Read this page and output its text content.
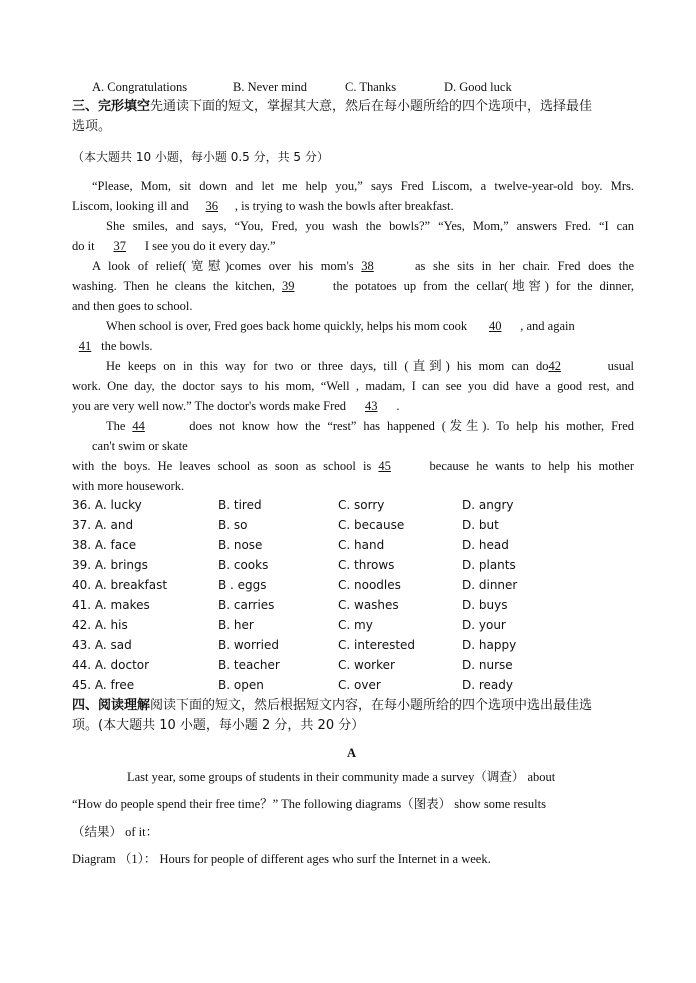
A. Congratulations	B. Never mind	C. Thanks	D. Good luck
三、完形填空先通读下面的短文，掌握其大意，然后在每小题所给的四个选项中，选择最佳
选项。
（本大题共 10 小题，每小题 0.5 分，共 5 分）
“Please, Mom, sit down and let me help you,” says Fred Liscom, a twelve-year-old boy. Mrs.
Liscom, looking ill and 36 , is trying to wash the bowls after breakfast.
She smiles, and says, “You, Fred, you wash the bowls?” “Yes, Mom,” answers Fred. “I can
do it 37 I see you do it every day.”
A look of relief(宽慰)comes over his mom's 38	as she sits in her chair. Fred does the
washing. Then he cleans the kitchen, 39	the potatoes up from the cellar(地窖) for the dinner,
and then goes to school.
When school is over, Fred goes back home quickly, helps his mom cook 40 , and again
41 the bowls.
He keeps on in this way for two or three days, till (直到) his mom can do42	usual
work. One day, the doctor says to his mom, “Well , madam, I can see you did have a good rest, and
you are very well now.” The doctor's words make Fred 43 .
The 44	does not know how the “rest” has happened (发生). To help his mother, Fred
can't swim or skate
with the boys. He leaves school as soon as school is 45	because he wants to help his mother
with more housework.
36. A. lucky	B. tired	C. sorry	D. angry
37. A. and	B. so	C. because	D. but
38. A. face	B. nose	C. hand	D. head
39. A. brings	B. cooks	C. throws	D. plants
40. A. breakfast	B . eggs	C. noodles	D. dinner
41. A. makes	B. carries	C. washes	D. buys
42. A. his	B. her	C. my	D. your
43. A. sad	B. worried	C. interested	D. happy
44. A. doctor	B. teacher	C. worker	D. nurse
45. A. free	B. open	C. over	D. ready
四、阅读理解阅读下面的短文，然后根据短文内容，在每小题所给的四个选项中选出最佳选
项。(本大题共 10 小题，每小题 2 分，共 20 分）
A
Last year, some groups of students in their community made a survey（调查） about
“How do people spend their free time？” The following diagrams（图表） show some results
（结果） of it：
Diagram （1）： Hours for people of different ages who surf the Internet in a week.
